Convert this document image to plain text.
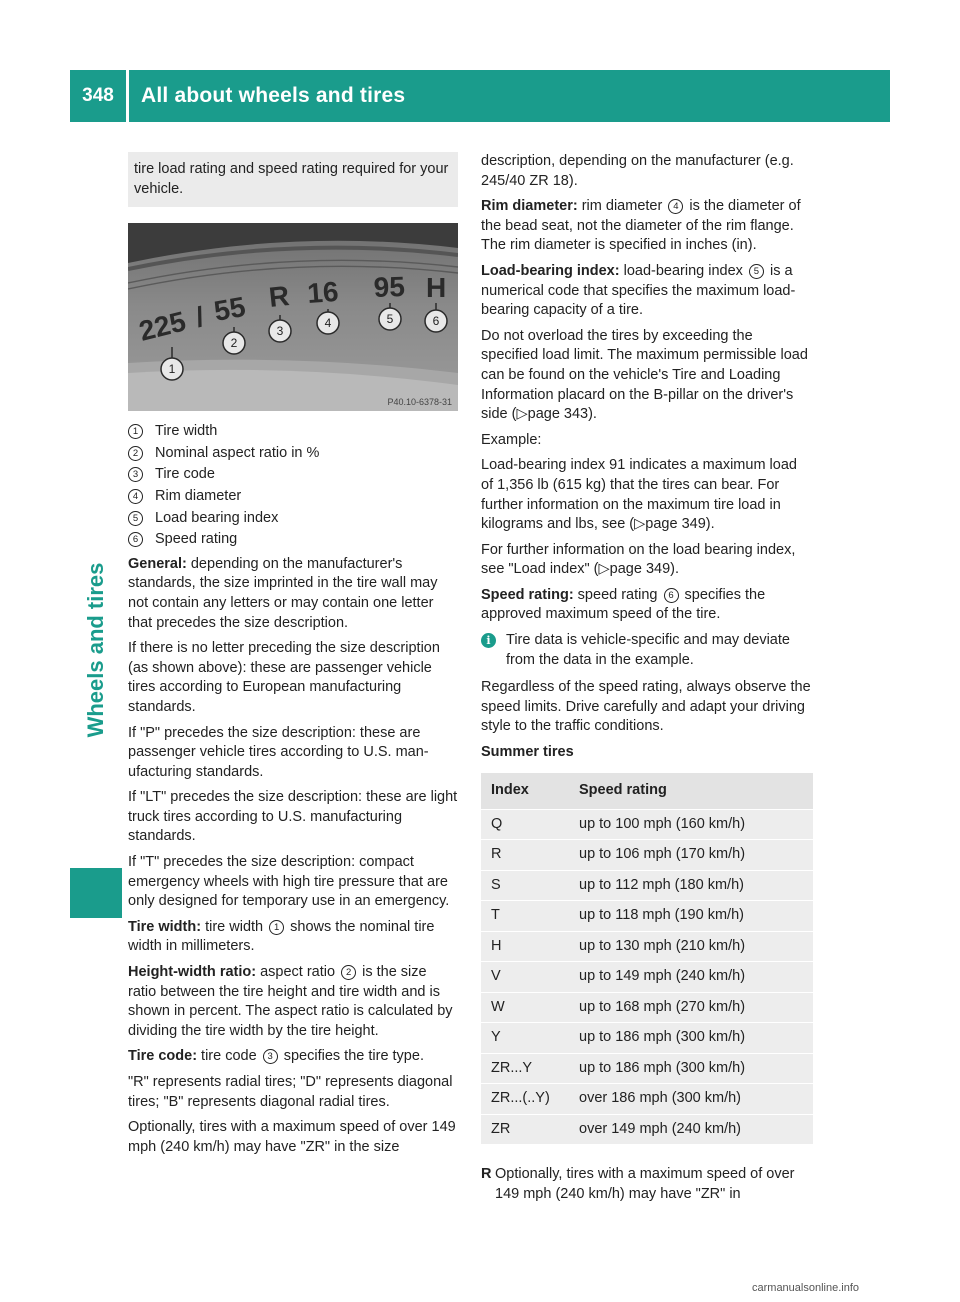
348	All about wheels and tires
Wheels and tires
tire load rating and speed rating required for your vehicle.
225 / 55 R 16 95 H
1
2
3
4	5	6
P40.10-6378-31
1	Tire width
2	Nominal aspect ratio in %
3	Tire code
4	Rim diameter
5	Load bearing index
6	Speed rating

General: depending on the manufacturer's standards, the size imprinted in the tire wall may not contain any letters or may contain one letter that precedes the size description.

If there is no letter preceding the size description (as shown above): these are passenger vehicle tires according to European manufacturing standards.

If "P" precedes the size description: these are passenger vehicle tires according to U.S. manufacturing standards.

If "LT" precedes the size description: these are light truck tires according to U.S. manufacturing standards.

If "T" precedes the size description: compact emergency wheels with high tire pressure that are only designed for temporary use in an emergency.

Tire width: tire width 1 shows the nominal tire width in millimeters.

Height-width ratio: aspect ratio 2 is the size ratio between the tire height and tire width and is shown in percent. The aspect ratio is calculated by dividing the tire width by the tire height.

Tire code: tire code 3 specifies the tire type.

"R" represents radial tires; "D" represents diagonal tires; "B" represents diagonal radial tires.

Optionally, tires with a maximum speed of over 149 mph (240 km/h) may have "ZR" in the size

description, depending on the manufacturer (e.g. 245/40 ZR 18).

Rim diameter: rim diameter 4 is the diameter of the bead seat, not the diameter of the rim flange. The rim diameter is specified in inches (in).

Load-bearing index: load-bearing index 5 is a numerical code that specifies the maximum load-bearing capacity of a tire.

Do not overload the tires by exceeding the specified load limit. The maximum permissible load can be found on the vehicle's Tire and Loading Information placard on the B-pillar on the driver's side (▷page 343).

Example:

Load-bearing index 91 indicates a maximum load of 1,356 lb (615 kg) that the tires can bear. For further information on the maximum tire load in kilograms and lbs, see (▷page 349).

For further information on the load bearing index, see "Load index" (▷page 349).

Speed rating: speed rating 6 specifies the approved maximum speed of the tire.

i	Tire data is vehicle-specific and may deviate from the data in the example.

Regardless of the speed rating, always observe the speed limits. Drive carefully and adapt your driving style to the traffic conditions.

Summer tires

Index	Speed rating
Q	up to 100 mph (160 km/h)
R	up to 106 mph (170 km/h)
S	up to 112 mph (180 km/h)
T	up to 118 mph (190 km/h)
H	up to 130 mph (210 km/h)
V	up to 149 mph (240 km/h)
W	up to 168 mph (270 km/h)
Y	up to 186 mph (300 km/h)
ZR...Y	up to 186 mph (300 km/h)
ZR...(..Y)	over 186 mph (300 km/h)
ZR	over 149 mph (240 km/h)
R Optionally, tires with a maximum speed of over 149 mph (240 km/h) may have "ZR" in
carmanualsonline.info
